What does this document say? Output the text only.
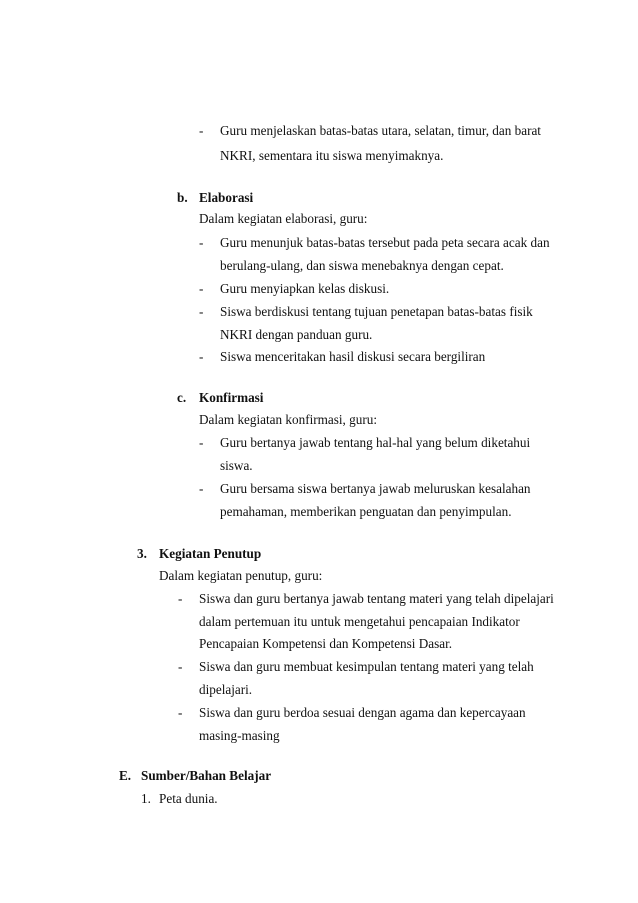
- Guru menjelaskan batas-batas utara, selatan, timur, dan barat
NKRI, sementara itu siswa menyimaknya.
b. Elaborasi
Dalam kegiatan elaborasi, guru:
- Guru menunjuk batas-batas tersebut pada peta secara acak dan
berulang-ulang, dan siswa menebaknya dengan cepat.
- Guru menyiapkan kelas diskusi.
- Siswa berdiskusi tentang tujuan penetapan batas-batas fisik
NKRI dengan panduan guru.
- Siswa menceritakan hasil diskusi secara bergiliran
c. Konfirmasi
Dalam kegiatan konfirmasi, guru:
- Guru bertanya jawab tentang hal-hal yang belum diketahui
siswa.
- Guru bersama siswa bertanya jawab meluruskan kesalahan
pemahaman, memberikan penguatan dan penyimpulan.
3. Kegiatan Penutup
Dalam kegiatan penutup, guru:
- Siswa dan guru bertanya jawab tentang materi yang telah dipelajari
dalam pertemuan itu untuk mengetahui pencapaian Indikator
Pencapaian Kompetensi dan Kompetensi Dasar.
- Siswa dan guru membuat kesimpulan tentang materi yang telah
dipelajari.
- Siswa dan guru berdoa sesuai dengan agama dan kepercayaan
masing-masing
E. Sumber/Bahan Belajar
1. Peta dunia.
